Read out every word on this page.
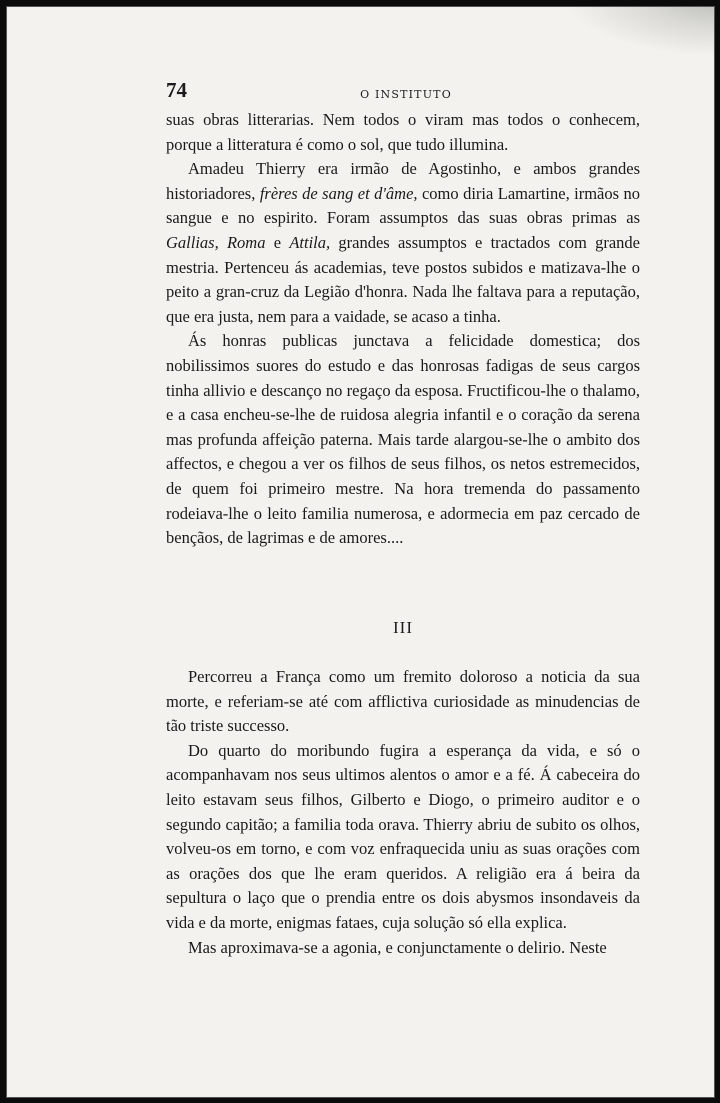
74	O INSTITUTO

suas obras litterarias. Nem todos o viram mas todos o conhecem, porque a litteratura é como o sol, que tudo illumina.

Amadeu Thierry era irmão de Agostinho, e ambos grandes historiadores, frères de sang et d'âme, como diria Lamartine, irmãos no sangue e no espirito. Foram assumptos das suas obras primas as Gallias, Roma e Attila, grandes assumptos e tractados com grande mestria. Pertenceu ás academias, teve postos subidos e matizava-lhe o peito a gran-cruz da Legião d'honra. Nada lhe faltava para a reputação, que era justa, nem para a vaidade, se acaso a tinha.

Ás honras publicas junctava a felicidade domestica; dos nobilissimos suores do estudo e das honrosas fadigas de seus cargos tinha allivio e descanço no regaço da esposa. Fructificou-lhe o thalamo, e a casa encheu-se-lhe de ruidosa alegria infantil e o coração da serena mas profunda affeição paterna. Mais tarde alargou-se-lhe o ambito dos affectos, e chegou a ver os filhos de seus filhos, os netos estremecidos, de quem foi primeiro mestre. Na hora tremenda do passamento rodeiava-lhe o leito familia numerosa, e adormecia em paz cercado de bençãos, de lagrimas e de amores....

III

Percorreu a França como um fremito doloroso a noticia da sua morte, e referiam-se até com afflictiva curiosidade as minudencias de tão triste successo.

Do quarto do moribundo fugira a esperança da vida, e só o acompanhavam nos seus ultimos alentos o amor e a fé. Á cabeceira do leito estavam seus filhos, Gilberto e Diogo, o primeiro auditor e o segundo capitão; a familia toda orava. Thierry abriu de subito os olhos, volveu-os em torno, e com voz enfraquecida uniu as suas orações com as orações dos que lhe eram queridos. A religião era á beira da sepultura o laço que o prendia entre os dois abysmos insondaveis da vida e da morte, enigmas fataes, cuja solução só ella explica.

Mas aproximava-se a agonia, e conjunctamente o delirio. Neste
